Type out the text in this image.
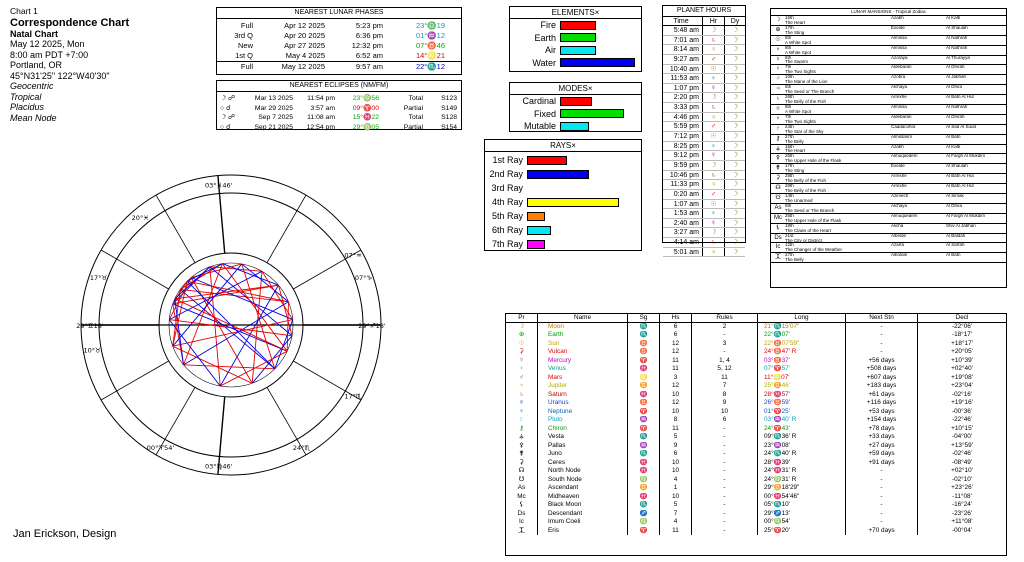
Chart 1
Correspondence Chart
Natal Chart
May 12 2025, Mon
8:00 am PDT +7:00
Portland, OR
45°N31'25" 122°W40'30"
Geocentric
Tropical
Placidus
Mean Node
NEAREST LUNAR PHASES
Full	Apr 12 2025	5:23 pm	23°♎19
3rd Q	Apr 20 2025	6:36 pm	01°♒12
New	Apr 27 2025	12:32 pm	07°♉46
1st Q	May 4 2025	6:52 am	14°♌21
Full	May 12 2025	9:57 am	22°♏12
NEAREST ECLIPSES (NM/FM)
☽ ☍	Mar 13 2025	11:54 pm	23°♍56	Total	S123
○ ☌	Mar 29 2025	3:57 am	09°♈00	Partial	S149
☽ ☍	Sep 7 2025	11:08 am	15°♓22	Total	S128
○ ☌	Sep 21 2025	12:54 pm	29°♍05	Partial	S154
ELEMENTS×
Fire
Earth
Air
Water
MODES×
Cardinal
Fixed
Mutable
RAYS×
1st Ray
2nd Ray
3rd Ray
4th Ray
5th Ray
6th Ray
7th Ray
PLANET HOURS
Time	Hr	Dy
5:48 am	☽	☽
7:01 am	♄	☽
8:14 am	♃	☽
9:27 am	♂	☽
10:40 am	☉	☽
11:53 am	♀	☽
1:07 pm	☿	☽
2:20 pm	☽	☽
3:33 pm	♄	☽
4:46 pm	♃	☽
5:59 pm	♂	☽
7:12 pm	☉	☽
8:25 pm	♀	☽
9:12 pm	☿	☽
9:59 pm	☽	☽
10:46 pm	♄	☽
11:33 pm	♃	☽
0:20 am	♂	☽
1:07 am	☉	☽
1:53 am	♀	☽
2:40 am	☿	☽
3:27 am	☽	☽
4:14 am	♄	☽
5:01 am	♃	☽
LUNAR MANSIONS - Tropical Zodiac
☽ 16th
The Heart
Azabh	Al Kalb
⊕ 17th
The Sting
Exeide	Al Shaulah
☉ 8th
A White Spot
Almissa	Al Nathrah
♆	8th
A White Spot
Almissa	Al Nathrah
☿	5th
The Swarm
Azoraya	Al Thurayya
♀	7th
The Two Sights
Aldebaran	Al Dhirah
♂	10th
The Mane of the Lion
Azobra	Al Jabhah
♃	5th
The Seed or The Branch
Alchaya	Al Dhira
♄	28th
The Belly of the Fish
Arrexhe	Al Batn Al Hut
♅	8th
A White Spot
Almissa	Al Nathrah
♆	7th
The Two Sights
Aldebaran	Al Dhirah
♇	24th
The Star of the Sky
Caadacohot	Al Sad Al Suud
⚷	27th
The Belly
Almistarim	Al Batn
⚶ 16th
The Heart
Azabh	Al Kalb
⚴	25th
The Upper Hole of the Flask
Almuquedem	Al Fargh Al Mukdim
⚵	17th
The Sting
Exeide	Al Shaulah
⚳	28th
The Belly of the Fish
Arrexhe	Al Batn Al Hut
☊ 28th
The Belly of the Fish
Arrexhe	Al Batn Al Hut
☋ 14th
The Unarmed
Azimech	Al Simak
As 6th
The Seed or The Branch
Alchaya	Al Dhira
Mc 26th
The Upper Hole of the Flask
Almuquedem	Al Fargh Al Mukdim
⚸	18th
The Claws of the Heart
Alicha	Shiv Al Jabhan
Ds 21st
The City or District
Albelde	Al Baldah
Ic	12th
The Changer of the Weather
Azarfa	Al Sarfah
⯰ 27th
The Belly
Albotain	Al Batn
03°♓46'
29°♊18'	29°♐18'
03°♍46'
00°♈54'	24°♏
07°♒
20°♓
17°♉
10°♉
17°♏
07°♑
Pr	Name	Sg	Hs	Rules	Long	Next Stn	Decl
☽	Moon	♏	6	2	21°♏15'07"	-	-22°06'
⊕	Earth	♏	6	-	22°♏07'	-	-18°17'
☉	Sun	♉	12	3	22°♉07'59"	-	+18°17'
⚳	Vulcan	♉	12	-	24°♉47' R	-	+20°05'
☿	Mercury	♈	11	1, 4	03°♉37'	+56 days	+10°39'
♀	Venus	♓	11	5, 12	07°♈57'	+508 days	+02°40'
♂	Mars	♌	3	11	11°♌07'	+607 days	+19°08'
♃	Jupiter	♊	12	7	25°♊46'	+183 days	+23°04'
♄	Saturn	♓	10	8	28°♓57'	+61 days	-02°16'
♅	Uranus	♉	12	9	26°♉59'	+116 days	+19°16'
♆	Neptune	♈	10	10	01°♈25'	+53 days	-00°36'
♇	Pluto	♒	8	6	03°♒40' R	+154 days	-22°46'
⚷	Chiron	♈	11	-	24°♈43'	+78 days	+10°15'
⚶	Vesta	♏	5	-	09°♏36' R	+33 days	-04°00'
⚴	Pallas	♒	9	-	23°♒08'	+27 days	+13°59'
⚵	Juno	♏	6	-	24°♏40' R	+59 days	-02°46'
⚳	Ceres	♓	10	-	28°♓39'	+91 days	-08°49'
☊	North Node	♓	10	-	24°♓31' R	-	+02°10'
☋	South Node	♍	4	-	24°♍31' R	-	-02°10'
As	Ascendant	♊	1	-	29°♊18'29"	-	+23°26'
Mc	Midheaven	♓	10	-	00°♓54'46"	-	-11°08'
⚸	Black Moon	♏	5	-	05°♏10'	-	-16°24'
Ds	Descendant	♐	7	-	29°♐13'	-	-23°26'
Ic	Imum Coeli	♍	4	-	00°♍54'	-	+11°08'
⯰	Eris	♈	11	-	25°♈20'	+70 days	-00°04'
Jan Erickson, Design
